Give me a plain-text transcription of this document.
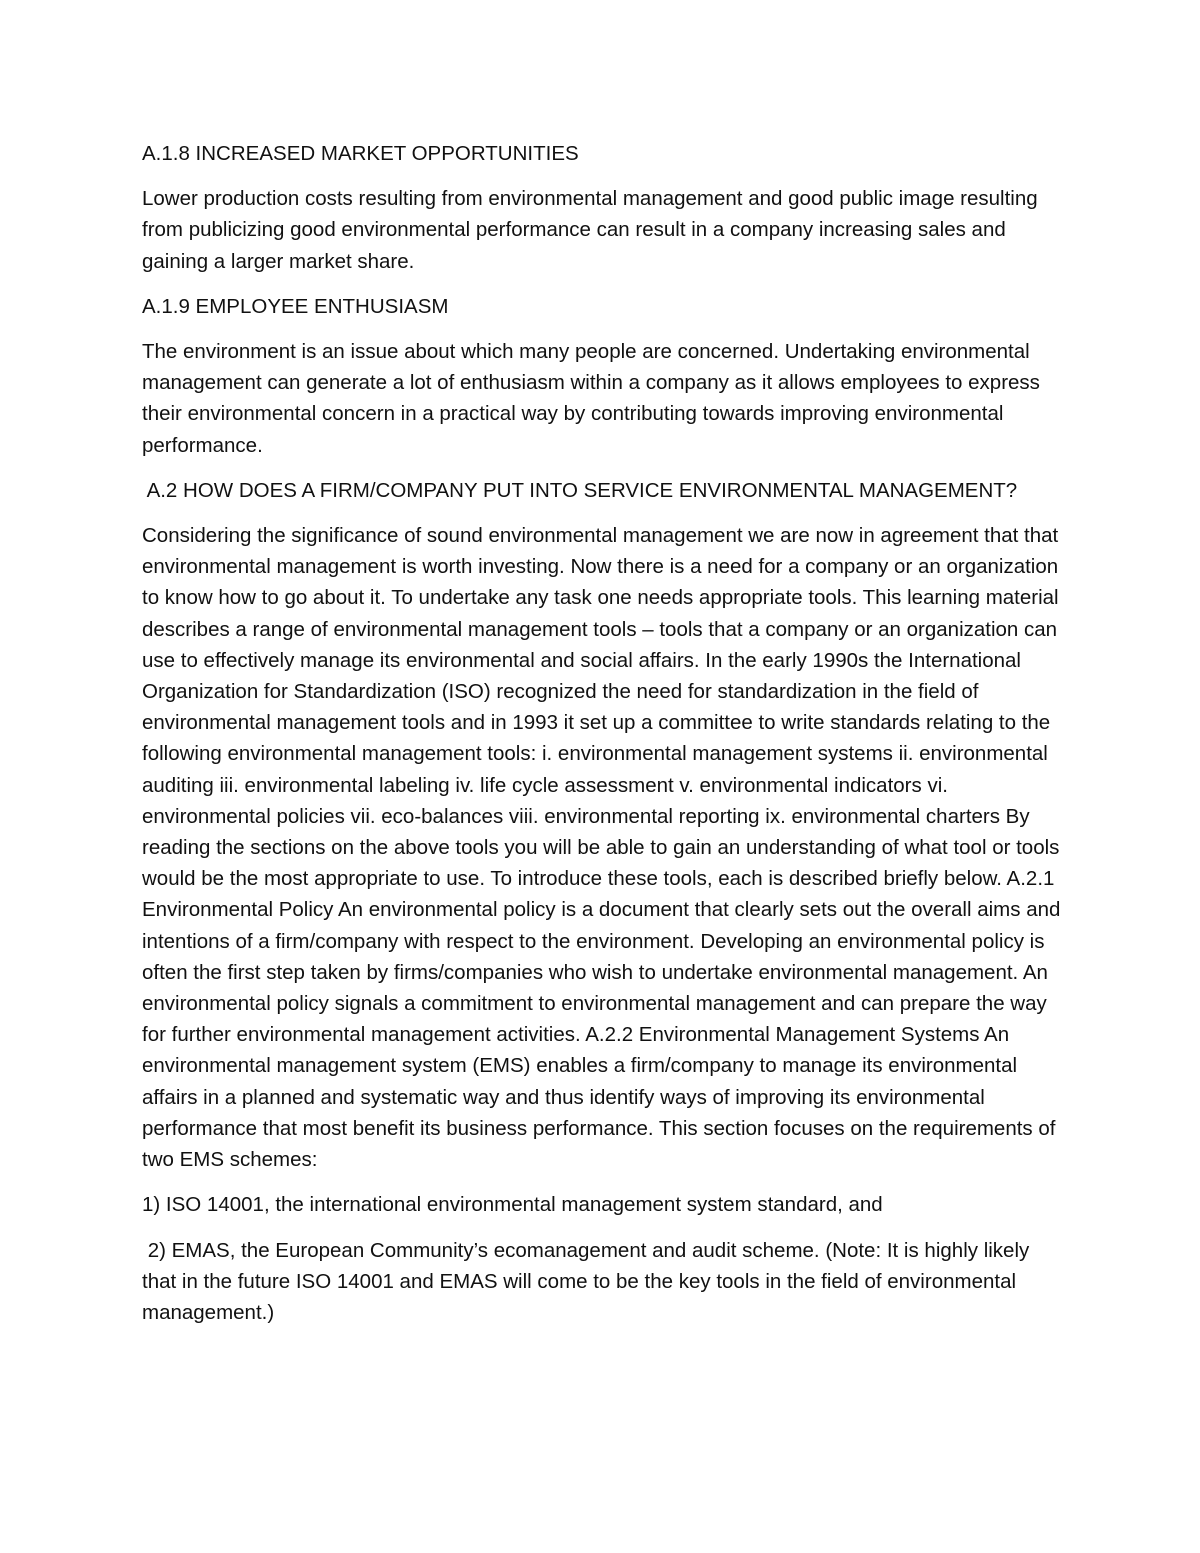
A.1.8 INCREASED MARKET OPPORTUNITIES

Lower production costs resulting from environmental management and good public image resulting from publicizing good environmental performance can result in a company increasing sales and gaining a larger market share.

A.1.9 EMPLOYEE ENTHUSIASM

The environment is an issue about which many people are concerned. Undertaking environmental management can generate a lot of enthusiasm within a company as it allows employees to express their environmental concern in a practical way by contributing towards improving environmental performance.

A.2 HOW DOES A FIRM/COMPANY PUT INTO SERVICE ENVIRONMENTAL MANAGEMENT?

Considering the significance of sound environmental management we are now in agreement that that environmental management is worth investing. Now there is a need for a company or an organization to know how to go about it. To undertake any task one needs appropriate tools. This learning material describes a range of environmental management tools – tools that a company or an organization can use to effectively manage its environmental and social affairs. In the early 1990s the International Organization for Standardization (ISO) recognized the need for standardization in the field of environmental management tools and in 1993 it set up a committee to write standards relating to the following environmental management tools: i. environmental management systems ii. environmental auditing iii. environmental labeling iv. life cycle assessment v. environmental indicators vi. environmental policies vii. eco-balances viii. environmental reporting ix. environmental charters By reading the sections on the above tools you will be able to gain an understanding of what tool or tools would be the most appropriate to use. To introduce these tools, each is described briefly below. A.2.1 Environmental Policy An environmental policy is a document that clearly sets out the overall aims and intentions of a firm/company with respect to the environment. Developing an environmental policy is often the first step taken by firms/companies who wish to undertake environmental management. An environmental policy signals a commitment to environmental management and can prepare the way for further environmental management activities. A.2.2 Environmental Management Systems An environmental management system (EMS) enables a firm/company to manage its environmental affairs in a planned and systematic way and thus identify ways of improving its environmental performance that most benefit its business performance. This section focuses on the requirements of two EMS schemes:

1) ISO 14001, the international environmental management system standard, and

2) EMAS, the European Community’s ecomanagement and audit scheme. (Note: It is highly likely that in the future ISO 14001 and EMAS will come to be the key tools in the field of environmental management.)
